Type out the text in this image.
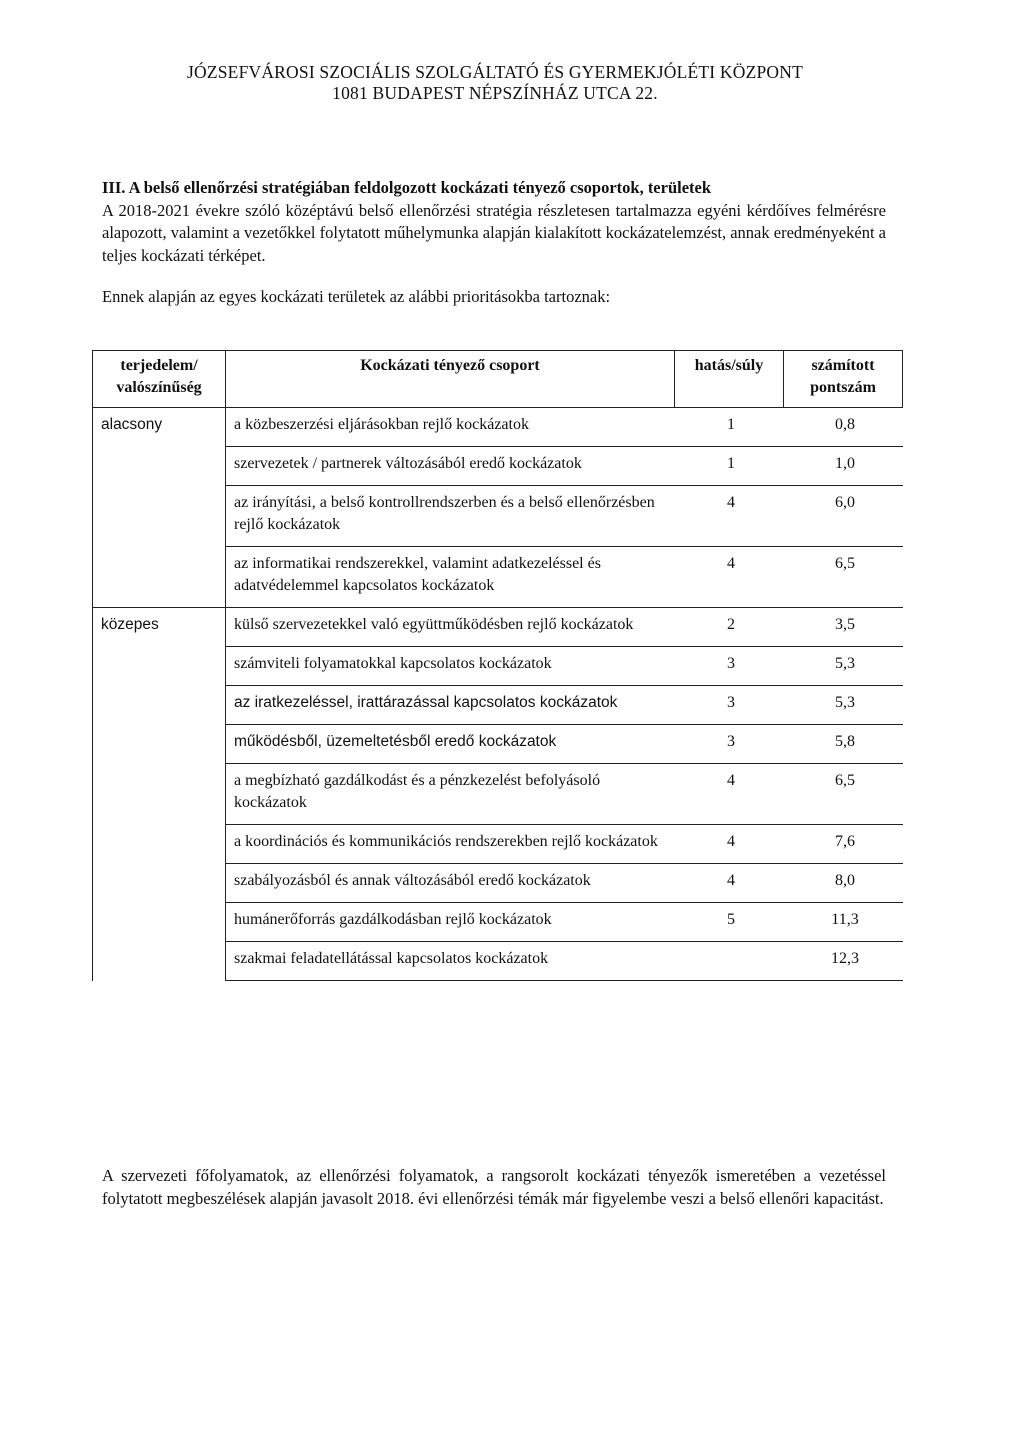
JÓZSEFVÁROSI SZOCIÁLIS SZOLGÁLTATÓ ÉS GYERMEKJÓLÉTI KÖZPONT
1081 BUDAPEST NÉPSZÍNHÁZ UTCA 22.
III. A belső ellenőrzési stratégiában feldolgozott kockázati tényező csoportok, területek

A 2018-2021 évekre szóló középtávú belső ellenőrzési stratégia részletesen tartalmazza egyéni kérdőíves felmérésre alapozott, valamint a vezetőkkel folytatott műhelymunka alapján kialakított kockázatelemzést, annak eredményeként a teljes kockázati térképet.

Ennek alapján az egyes kockázati területek az alábbi prioritásokba tartoznak:
terjedelem/ valószínűség	Kockázati tényező csoport	hatás/súly	számított pontszám
alacsony	a közbeszerzési eljárásokban rejlő kockázatok	1	0,8
	szervezetek / partnerek változásából eredő kockázatok	1	1,0
	az irányítási, a belső kontrollrendszerben és a belső ellenőrzésben rejlő kockázatok	4	6,0
	az informatikai rendszerekkel, valamint adatkezeléssel és adatvédelemmel kapcsolatos kockázatok	4	6,5
közepes	külső szervezetekkel való együttműködésben rejlő kockázatok	2	3,5
	számviteli folyamatokkal kapcsolatos kockázatok	3	5,3
	az iratkezeléssel, irattárazással kapcsolatos kockázatok	3	5,3
	működésből, üzemeltetésből eredő kockázatok	3	5,8
	a megbízható gazdálkodást és a pénzkezelést befolyásoló kockázatok	4	6,5
	a koordinációs és kommunikációs rendszerekben rejlő kockázatok	4	7,6
	szabályozásból és annak változásából eredő kockázatok	4	8,0
	humánerőforrás gazdálkodásban rejlő kockázatok	5	11,3
	szakmai feladatellátással kapcsolatos kockázatok		12,3
A szervezeti főfolyamatok, az ellenőrzési folyamatok, a rangsorolt kockázati tényezők ismeretében a vezetéssel folytatott megbeszélések alapján javasolt 2018. évi ellenőrzési témák már figyelembe veszi a belső ellenőri kapacitást.
